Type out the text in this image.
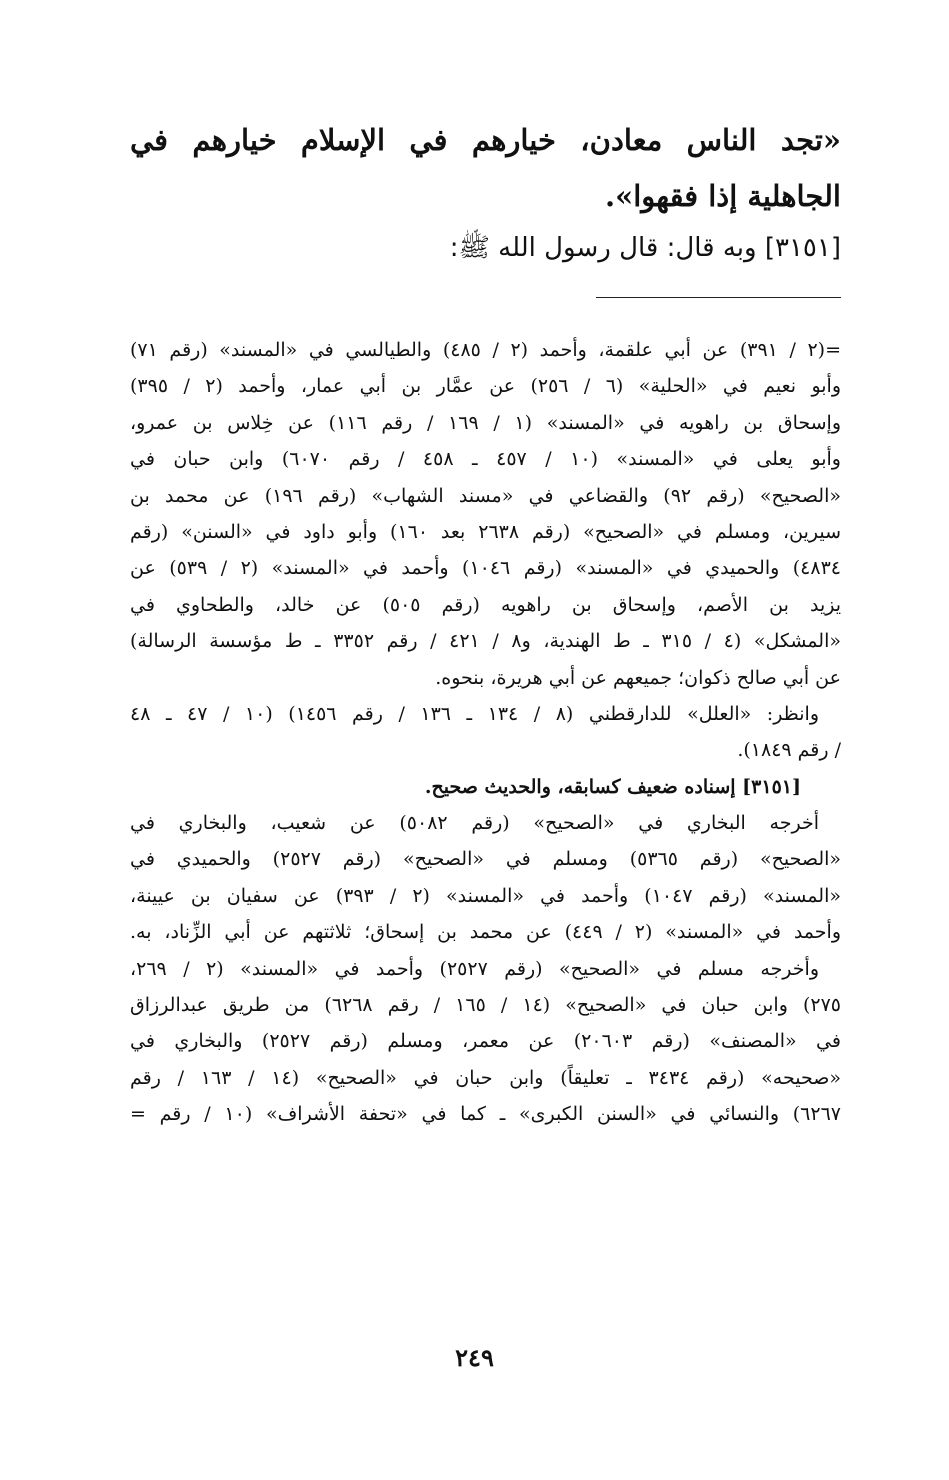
«تجد الناس معادن، خيارهم في الإسلام خيارهم في الجاهلية إذا فقهوا».

[٣١٥١] وبه قال: قال رسول الله ﷺ:

=(٢ / ٣٩١) عن أبي علقمة، وأحمد (٢ / ٤٨٥) والطيالسي في «المسند» (رقم ٧١)
وأبو نعيم في «الحلية» (٦ / ٢٥٦) عن عمَّار بن أبي عمار، وأحمد (٢ / ٣٩٥)
وإسحاق بن راهويه في «المسند» (١ / ١٦٩ / رقم ١١٦) عن خِلاس بن عمرو،
وأبو يعلى في «المسند» (١٠ / ٤٥٧ ـ ٤٥٨ / رقم ٦٠٧٠) وابن حبان في
«الصحيح» (رقم ٩٢) والقضاعي في «مسند الشهاب» (رقم ١٩٦) عن محمد بن
سيرين، ومسلم في «الصحيح» (رقم ٢٦٣٨ بعد ١٦٠) وأبو داود في «السنن» (رقم
٤٨٣٤) والحميدي في «المسند» (رقم ١٠٤٦) وأحمد في «المسند» (٢ / ٥٣٩) عن
يزيد بن الأصم، وإسحاق بن راهويه (رقم ٥٠٥) عن خالد، والطحاوي في
«المشكل» (٤ / ٣١٥ ـ ط الهندية، و٨ / ٤٢١ / رقم ٣٣٥٢ ـ ط مؤسسة الرسالة)
عن أبي صالح ذكوان؛ جميعهم عن أبي هريرة، بنحوه.
وانظر: «العلل» للدارقطني (٨ / ١٣٤ ـ ١٣٦ / رقم ١٤٥٦) (١٠ / ٤٧ ـ ٤٨
/ رقم ١٨٤٩).
[٣١٥١] إسناده ضعيف كسابقه، والحديث صحيح.
أخرجه البخاري في «الصحيح» (رقم ٥٠٨٢) عن شعيب، والبخاري في
«الصحيح» (رقم ٥٣٦٥) ومسلم في «الصحيح» (رقم ٢٥٢٧) والحميدي في
«المسند» (رقم ١٠٤٧) وأحمد في «المسند» (٢ / ٣٩٣) عن سفيان بن عيينة،
وأحمد في «المسند» (٢ / ٤٤٩) عن محمد بن إسحاق؛ ثلاثتهم عن أبي الزِّناد، به.
وأخرجه مسلم في «الصحيح» (رقم ٢٥٢٧) وأحمد في «المسند» (٢ / ٢٦٩،
٢٧٥) وابن حبان في «الصحيح» (١٤ / ١٦٥ / رقم ٦٢٦٨) من طريق عبدالرزاق
في «المصنف» (رقم ٢٠٦٠٣) عن معمر، ومسلم (رقم ٢٥٢٧) والبخاري في
«صحيحه» (رقم ٣٤٣٤ ـ تعليقاً) وابن حبان في «الصحيح» (١٤ / ١٦٣ / رقم
٦٢٦٧) والنسائي في «السنن الكبرى» ـ كما في «تحفة الأشراف» (١٠ / رقم =
٢٤٩
